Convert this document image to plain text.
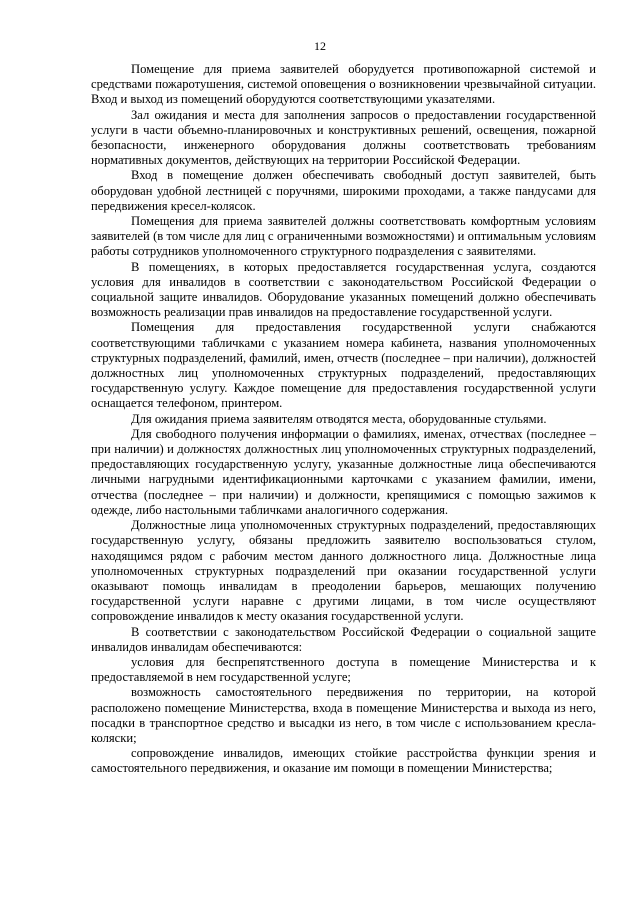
12

Помещение для приема заявителей оборудуется противопожарной системой и средствами пожаротушения, системой оповещения о возникновении чрезвычайной ситуации. Вход и выход из помещений оборудуются соответствующими указателями.

Зал ожидания и места для заполнения запросов о предоставлении государственной услуги в части объемно-планировочных и конструктивных решений, освещения, пожарной безопасности, инженерного оборудования должны соответствовать требованиям нормативных документов, действующих на территории Российской Федерации.

Вход в помещение должен обеспечивать свободный доступ заявителей, быть оборудован удобной лестницей с поручнями, широкими проходами, а также пандусами для передвижения кресел-колясок.

Помещения для приема заявителей должны соответствовать комфортным условиям заявителей (в том числе для лиц с ограниченными возможностями) и оптимальным условиям работы сотрудников уполномоченного структурного подразделения с заявителями.

В помещениях, в которых предоставляется государственная услуга, создаются условия для инвалидов в соответствии с законодательством Российской Федерации о социальной защите инвалидов. Оборудование указанных помещений должно обеспечивать возможность реализации прав инвалидов на предоставление государственной услуги.

Помещения для предоставления государственной услуги снабжаются соответствующими табличками с указанием номера кабинета, названия уполномоченных структурных подразделений, фамилий, имен, отчеств (последнее – при наличии), должностей должностных лиц уполномоченных структурных подразделений, предоставляющих государственную услугу. Каждое помещение для предоставления государственной услуги оснащается телефоном, принтером.

Для ожидания приема заявителям отводятся места, оборудованные стульями.

Для свободного получения информации о фамилиях, именах, отчествах (последнее – при наличии) и должностях должностных лиц уполномоченных структурных подразделений, предоставляющих государственную услугу, указанные должностные лица обеспечиваются личными нагрудными идентификационными карточками с указанием фамилии, имени, отчества (последнее – при наличии) и должности, крепящимися с помощью зажимов к одежде, либо настольными табличками аналогичного содержания.

Должностные лица уполномоченных структурных подразделений, предоставляющих государственную услугу, обязаны предложить заявителю воспользоваться стулом, находящимся рядом с рабочим местом данного должностного лица. Должностные лица уполномоченных структурных подразделений при оказании государственной услуги оказывают помощь инвалидам в преодолении барьеров, мешающих получению государственной услуги наравне с другими лицами, в том числе осуществляют сопровождение инвалидов к месту оказания государственной услуги.

В соответствии с законодательством Российской Федерации о социальной защите инвалидов инвалидам обеспечиваются:

условия для беспрепятственного доступа в помещение Министерства и к предоставляемой в нем государственной услуге;

возможность самостоятельного передвижения по территории, на которой расположено помещение Министерства, входа в помещение Министерства и выхода из него, посадки в транспортное средство и высадки из него, в том числе с использованием кресла-коляски;

сопровождение инвалидов, имеющих стойкие расстройства функции зрения и самостоятельного передвижения, и оказание им помощи в помещении Министерства;
